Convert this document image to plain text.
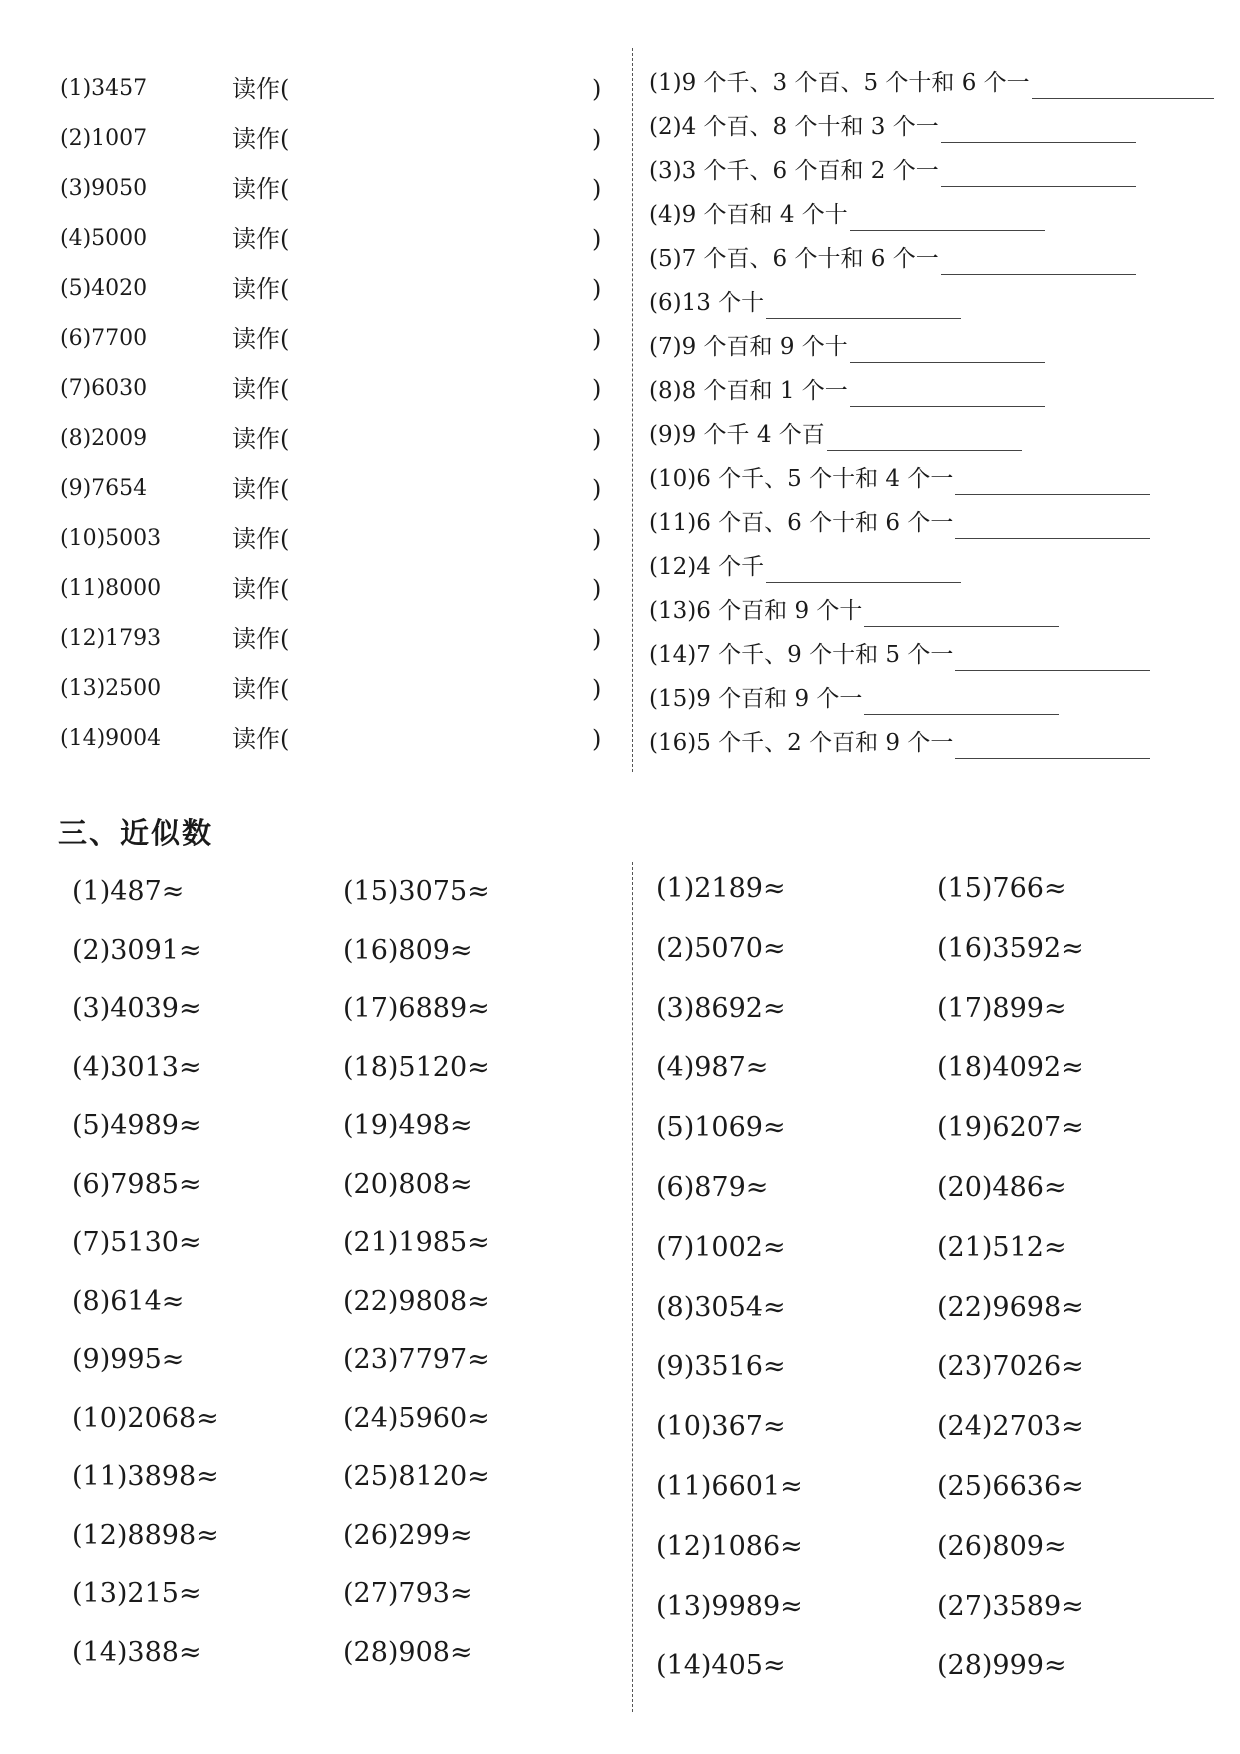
(1)3457	读作(	)
(2)1007	读作(	)
(3)9050	读作(	)
(4)5000	读作(	)
(5)4020	读作(	)
(6)7700	读作(	)
(7)6030	读作(	)
(8)2009	读作(	)
(9)7654	读作(	)
(10)5003	读作(	)
(11)8000	读作(	)
(12)1793	读作(	)
(13)2500	读作(	)
(14)9004	读作(	)
(1)9 个千、3 个百、5 个十和 6 个一
(2)4 个百、8 个十和 3 个一
(3)3 个千、6 个百和 2 个一
(4)9 个百和 4 个十
(5)7 个百、6 个十和 6 个一
(6)13 个十
(7)9 个百和 9 个十
(8)8 个百和 1 个一
(9)9 个千 4 个百
(10)6 个千、5 个十和 4 个一
(11)6 个百、6 个十和 6 个一
(12)4 个千
(13)6 个百和 9 个十
(14)7 个千、9 个十和 5 个一
(15)9 个百和 9 个一
(16)5 个千、2 个百和 9 个一
三、近似数
(1)487≈
(2)3091≈
(3)4039≈
(4)3013≈
(5)4989≈
(6)7985≈
(7)5130≈
(8)614≈
(9)995≈
(10)2068≈
(11)3898≈
(12)8898≈
(13)215≈
(14)388≈
(15)3075≈
(16)809≈
(17)6889≈
(18)5120≈
(19)498≈
(20)808≈
(21)1985≈
(22)9808≈
(23)7797≈
(24)5960≈
(25)8120≈
(26)299≈
(27)793≈
(28)908≈
(1)2189≈
(2)5070≈
(3)8692≈
(4)987≈
(5)1069≈
(6)879≈
(7)1002≈
(8)3054≈
(9)3516≈
(10)367≈
(11)6601≈
(12)1086≈
(13)9989≈
(14)405≈
(15)766≈
(16)3592≈
(17)899≈
(18)4092≈
(19)6207≈
(20)486≈
(21)512≈
(22)9698≈
(23)7026≈
(24)2703≈
(25)6636≈
(26)809≈
(27)3589≈
(28)999≈
